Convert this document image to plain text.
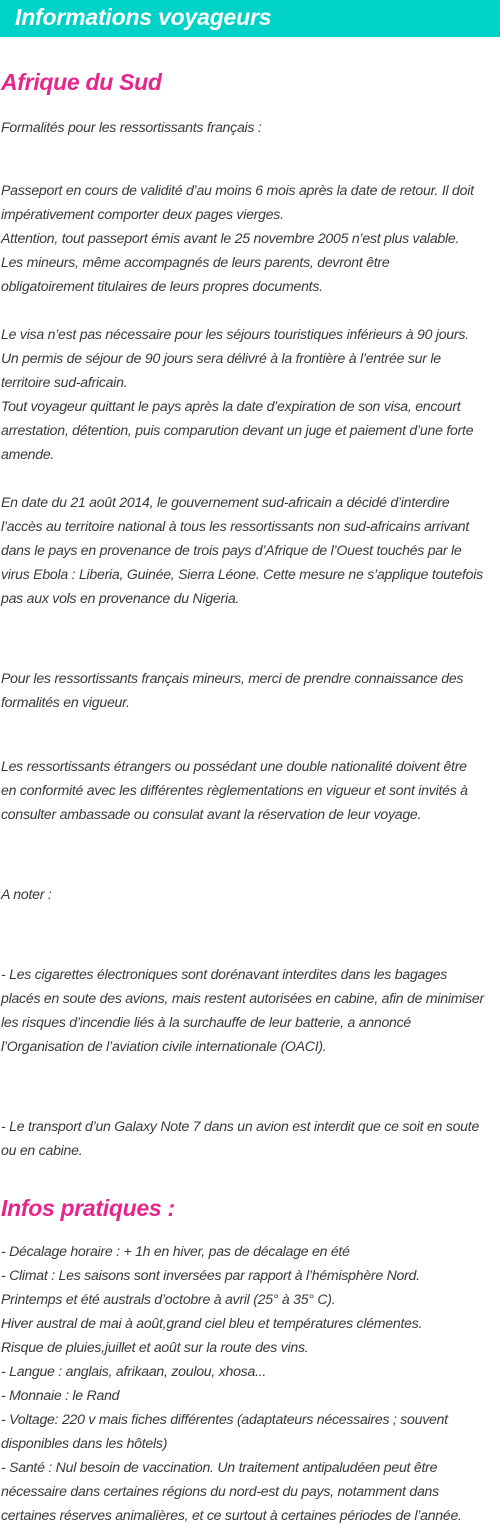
Informations voyageurs
Afrique du Sud

Formalités pour les ressortissants français :

Passeport en cours de validité d’au moins 6 mois après la date de retour. Il doit
impérativement comporter deux pages vierges.
Attention, tout passeport émis avant le 25 novembre 2005 n’est plus valable.
Les mineurs, même accompagnés de leurs parents, devront être
obligatoirement titulaires de leurs propres documents.

Le visa n’est pas nécessaire pour les séjours touristiques inférieurs à 90 jours.
Un permis de séjour de 90 jours sera délivré à la frontière à l’entrée sur le
territoire sud-africain.
Tout voyageur quittant le pays après la date d’expiration de son visa, encourt
arrestation, détention, puis comparution devant un juge et paiement d’une forte
amende.

En date du 21 août 2014, le gouvernement sud-africain a décidé d’interdire
l’accès au territoire national à tous les ressortissants non sud-africains arrivant
dans le pays en provenance de trois pays d’Afrique de l’Ouest touchés par le
virus Ebola : Liberia, Guinée, Sierra Léone. Cette mesure ne s’applique toutefois
pas aux vols en provenance du Nigeria.

Pour les ressortissants français mineurs, merci de prendre connaissance des
formalités en vigueur.

Les ressortissants étrangers ou possédant une double nationalité doivent être
en conformité avec les différentes règlementations en vigueur et sont invités à
consulter ambassade ou consulat avant la réservation de leur voyage.

A noter :

- Les cigarettes électroniques sont dorénavant interdites dans les bagages
placés en soute des avions, mais restent autorisées en cabine, afin de minimiser
les risques d’incendie liés à la surchauffe de leur batterie, a annoncé
l’Organisation de l’aviation civile internationale (OACI).

- Le transport d’un Galaxy Note 7 dans un avion est interdit que ce soit en soute
ou en cabine.

Infos pratiques :

- Décalage horaire : + 1h en hiver, pas de décalage en été
- Climat : Les saisons sont inversées par rapport à l’hémisphère Nord.
Printemps et été australs d’octobre à avril (25° à 35° C).
Hiver austral de mai à août,grand ciel bleu et températures clémentes.
Risque de pluies,juillet et août sur la route des vins.
- Langue : anglais, afrikaan, zoulou, xhosa...
- Monnaie : le Rand
- Voltage: 220 v mais fiches différentes (adaptateurs nécessaires ; souvent
disponibles dans les hôtels)
- Santé : Nul besoin de vaccination. Un traitement antipaludéen peut être
nécessaire dans certaines régions du nord-est du pays, notamment dans
certaines réserves animalières, et ce surtout à certaines périodes de l’année.
